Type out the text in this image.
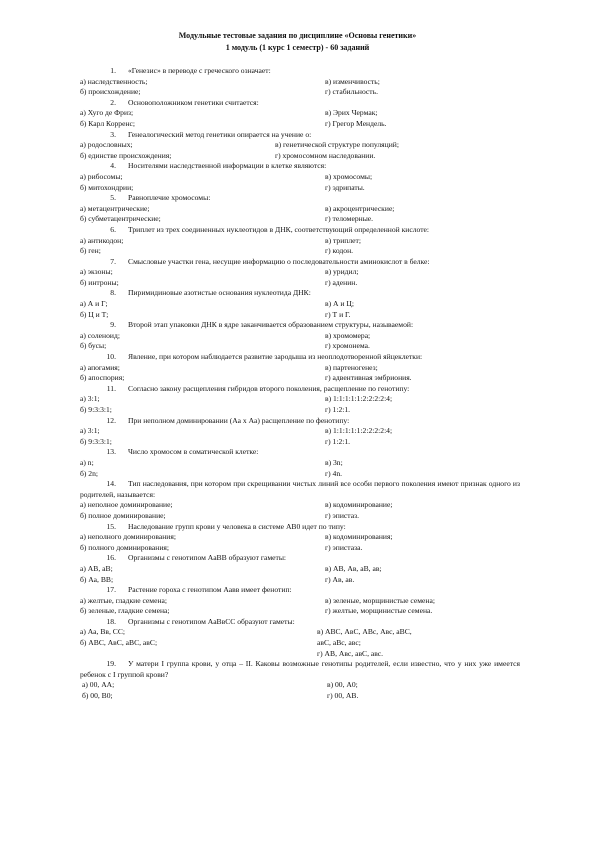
Модульные тестовые задания по дисциплине «Основы генетики»
1 модуль (1 курс 1 семестр) - 60 заданий
1. «Генезис» в переводе с греческого означает:
а) наследственность;	в) изменчивость;
б) происхождение;	г) стабильность.
2. Основоположником генетики считается:
а) Хуго де Фриз;	в) Эрих Чермак;
б) Карл Корренс;	г) Грегор Мендель.
3. Генеалогический метод генетики опирается на учение о:
а) родословных;	в) генетической структуре популяций;
б) единстве происхождения;	г) хромосомном наследовании.
4. Носителями наследственной информации в клетке являются:
а) рибосомы;	в) хромосомы;
б) митохондрии;	г) эдрипаты.
5. Равноплечие хромосомы:
а) метацентрические;	в) акроцентрические;
б) субметацентрические;	г) теломерные.
6. Триплет из трех соединенных нуклеотидов в ДНК, соответствующий определенной кислоте:
а) антикодон;	в) триплет;
б) ген;	г) кодон.
7. Смысловые участки гена, несущие информацию о последовательности аминокислот в белке:
а) экзоны;	в) уридил;
б) интроны;	г) аденин.
8. Пиримидиновые азотистые основания нуклеотида ДНК:
а) А и Г;	в) А и Ц;
б) Ц и Т;	г) Т и Г.
9. Второй этап упаковки ДНК в ядре заканчивается образованием структуры, называемой:
а) соленоид;	в) хромомера;
б) бусы;	г) хромонема.
10. Явление, при котором наблюдается развитие зародыша из неоплодотворенной яйцеклетки:
а) апогамия;	в) партеногенез;
б) апоспория;	г) адвентивная эмбриония.
11. Согласно закону расщепления гибридов второго поколения, расщепление по генотипу:
а) 3:1;	в) 1:1:1:1:1:2:2:2:2:4;
б) 9:3:3:1;	г) 1:2:1.
12. При неполном доминировании (Аа х Аа) расщепление по фенотипу:
а) 3:1;	в) 1:1:1:1:1:2:2:2:2:4;
б) 9:3:3:1;	г) 1:2:1.
13. Число хромосом в соматической клетке:
а) n;	в) 3n;
б) 2n;	г) 4n.
14. Тип наследования, при котором при скрещивании чистых линий все особи первого поколения имеют признак одного из родителей, называется:
а) неполное доминирование;	в) кодоминирование;
б) полное доминирование;	г) эпистаз.
15. Наследование групп крови у человека в системе АВ0 идет по типу:
а) неполного доминирования;	в) кодоминирования;
б) полного доминирования;	г) эпистаза.
16. Организмы с генотипом АаВВ образуют гаметы:
а) АВ, аВ;	в) АВ, Ав, аВ, ав;
б) Аа, ВВ;	г) Ав, ав.
17. Растение гороха с генотипом Аавв имеет фенотип:
а) желтые, гладкие семена;	в) зеленые, морщинистые семена;
б) зеленые, гладкие семена;	г) желтые, морщинистые семена.
18. Организмы с генотипом АаВвСС образуют гаметы:
а) Аа, Вв, СС;	в) АВС, АвС, АВс, Авс, аВС,
б) АВС, АвС, аВС, авС;	авС, аВс, авс;
г) АВ, Авс, авС, авс.
19. У матери I группа крови, у отца – II. Каковы возможные генотипы родителей, если известно, что у них уже имеется ребенок с I группой крови?
а) 00, АА;	в) 00, А0;
б) 00, В0;	г) 00, АВ.
